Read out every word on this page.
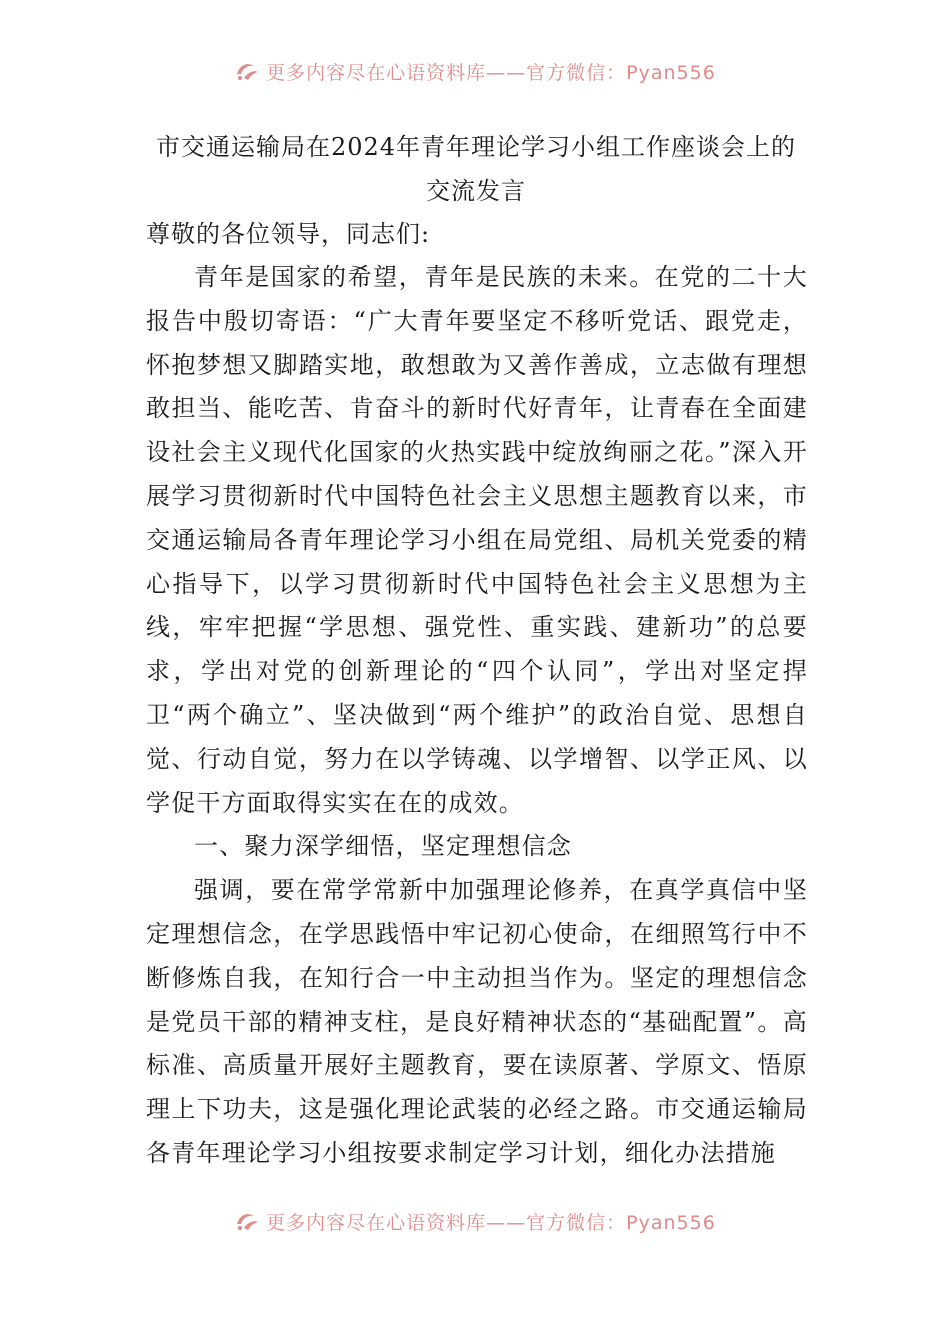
更多内容尽在心语资料库——官方微信：Pyan556
市交通运输局在2024年青年理论学习小组工作座谈会上的交流发言
尊敬的各位领导，同志们:

青年是国家的希望，青年是民族的未来。在党的二十大报告中殷切寄语：“广大青年要坚定不移听党话、跟党走，怀抱梦想又脚踏实地，敢想敢为又善作善成，立志做有理想敢担当、能吃苦、肯奋斗的新时代好青年，让青春在全面建设社会主义现代化国家的火热实践中绽放绚丽之花。”深入开展学习贯彻新时代中国特色社会主义思想主题教育以来，市交通运输局各青年理论学习小组在局党组、局机关党委的精心指导下，以学习贯彻新时代中国特色社会主义思想为主线，牢牢把握“学思想、强党性、重实践、建新功”的总要求，学出对党的创新理论的“四个认同”，学出对坚定捍卫“两个确立”、坚决做到“两个维护”的政治自觉、思想自觉、行动自觉，努力在以学铸魂、以学增智、以学正风、以学促干方面取得实实在在的成效。

一、聚力深学细悟，坚定理想信念

强调，要在常学常新中加强理论修养，在真学真信中坚定理想信念，在学思践悟中牢记初心使命，在细照笃行中不断修炼自我，在知行合一中主动担当作为。坚定的理想信念是党员干部的精神支柱，是良好精神状态的“基础配置”。高标准、高质量开展好主题教育，要在读原著、学原文、悟原理上下功夫，这是强化理论武装的必经之路。市交通运输局各青年理论学习小组按要求制定学习计划，细化办法措施

更多内容尽在心语资料库——官方微信：Pyan556
